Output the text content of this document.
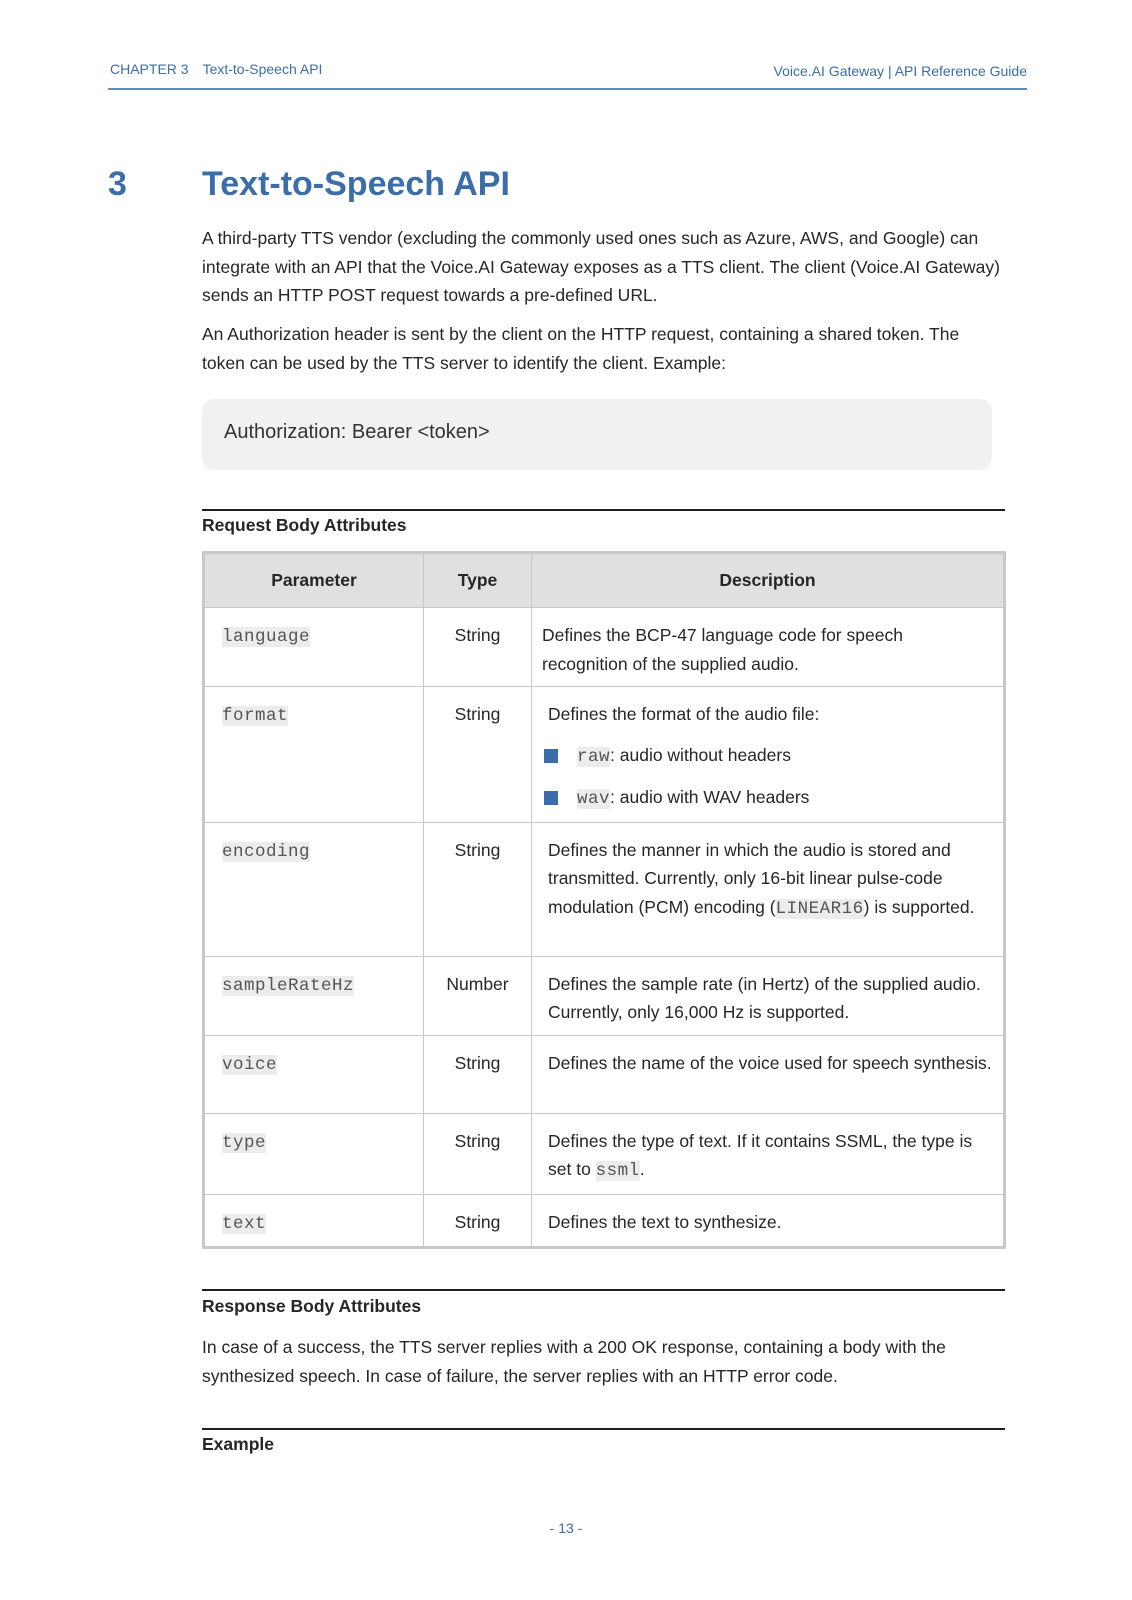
CHAPTER 3 Text-to-Speech API	Voice.AI Gateway | API Reference Guide
3 Text-to-Speech API

A third-party TTS vendor (excluding the commonly used ones such as Azure, AWS, and Google) can integrate with an API that the Voice.AI Gateway exposes as a TTS client. The client (Voice.AI Gateway) sends an HTTP POST request towards a pre-defined URL.

An Authorization header is sent by the client on the HTTP request, containing a shared token. The token can be used by the TTS server to identify the client. Example:

Authorization: Bearer <token>
Request Body Attributes
Parameter	Type	Description
language	String	Defines the BCP-47 language code for speech recognition of the supplied audio.
format	String	Defines the format of the audio file:
raw: audio without headers
wav: audio with WAV headers

encoding	String	Defines the manner in which the audio is stored and transmitted. Currently, only 16-bit linear pulse-code modulation (PCM) encoding (LINEAR16) is supported.
sampleRateHz	Number	Defines the sample rate (in Hertz) of the supplied audio. Currently, only 16,000 Hz is supported.
voice	String	Defines the name of the voice used for speech synthesis.
type	String	Defines the type of text. If it contains SSML, the type is set to ssml.
text	String	Defines the text to synthesize.
Response Body Attributes

In case of a success, the TTS server replies with a 200 OK response, containing a body with the synthesized speech. In case of failure, the server replies with an HTTP error code.

Example
- 13 -
